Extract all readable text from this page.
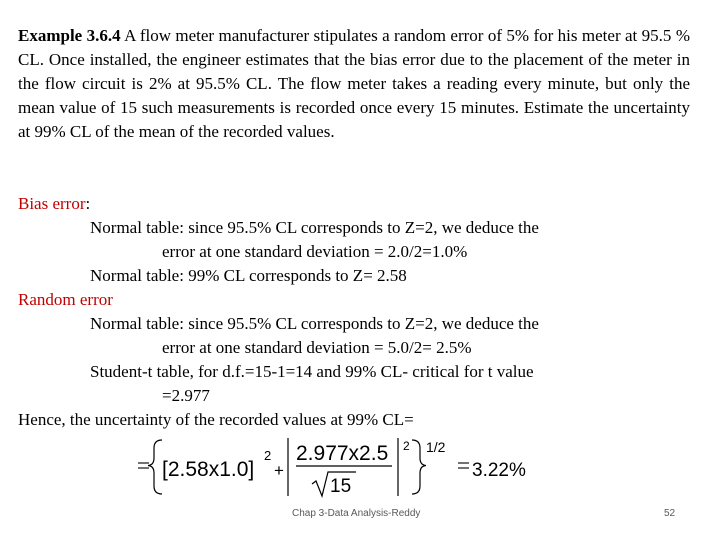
Example 3.6.4 A flow meter manufacturer stipulates a random error of 5% for his meter at 95.5 % CL. Once installed, the engineer estimates that the bias error due to the placement of the meter in the flow circuit is 2% at 95.5% CL. The flow meter takes a reading every minute, but only the mean value of 15 such measurements is recorded once every 15 minutes. Estimate the uncertainty at 99% CL of the mean of the recorded values.
Bias error:
Normal table: since 95.5% CL corresponds to Z=2, we deduce the
error at one standard deviation = 2.0/2=1.0%
Normal table: 99% CL corresponds to Z= 2.58
Random error
Normal table: since 95.5% CL corresponds to Z=2, we deduce the
error at one standard deviation = 5.0/2= 2.5%
Student-t table, for d.f.=15-1=14 and 99% CL- critical for t value
=2.977
Hence, the uncertainty of the recorded values at 99% CL=
[2.58x1.0]
2
+
2.977x2.5
15
2 1/2
3.22%
Chap 3-Data Analysis-Reddy	52
